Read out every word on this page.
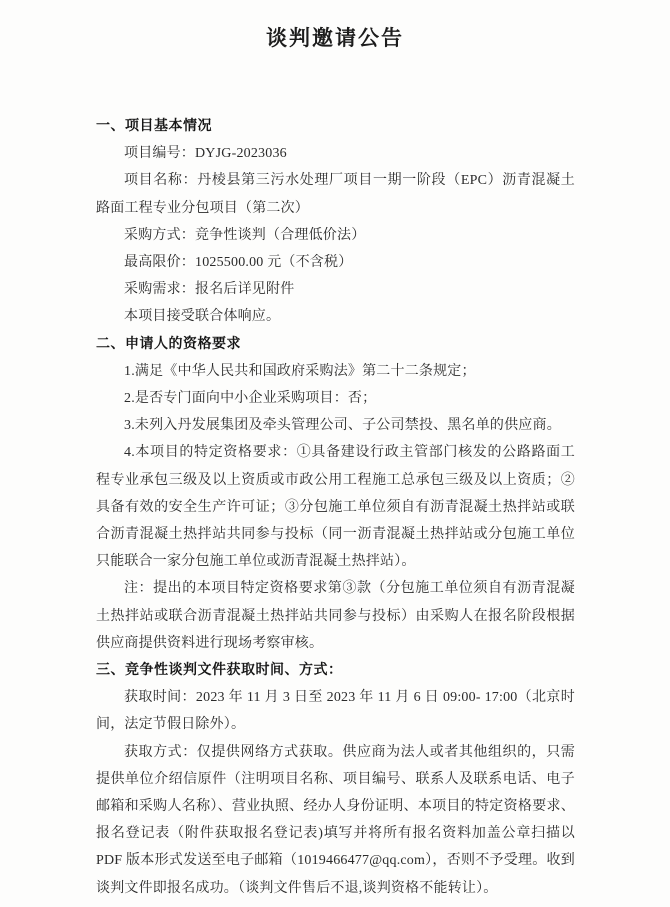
谈判邀请公告
一、项目基本情况

项目编号：DYJG-2023036

项目名称：丹棱县第三污水处理厂项目一期一阶段（EPC）沥青混凝土路面工程专业分包项目（第二次）

采购方式：竞争性谈判（合理低价法）

最高限价：1025500.00 元（不含税）

采购需求：报名后详见附件

本项目接受联合体响应。

二、申请人的资格要求

1.满足《中华人民共和国政府采购法》第二十二条规定；

2.是否专门面向中小企业采购项目：否；

3.未列入丹发展集团及牵头管理公司、子公司禁投、黑名单的供应商。

4.本项目的特定资格要求：①具备建设行政主管部门核发的公路路面工程专业承包三级及以上资质或市政公用工程施工总承包三级及以上资质；②具备有效的安全生产许可证；③分包施工单位须自有沥青混凝土热拌站或联合沥青混凝土热拌站共同参与投标（同一沥青混凝土热拌站或分包施工单位只能联合一家分包施工单位或沥青混凝土热拌站）。

注：提出的本项目特定资格要求第③款（分包施工单位须自有沥青混凝土热拌站或联合沥青混凝土热拌站共同参与投标）由采购人在报名阶段根据供应商提供资料进行现场考察审核。

三、竞争性谈判文件获取时间、方式：

获取时间：2023 年 11 月 3 日至 2023 年 11 月 6 日 09:00- 17:00（北京时间，法定节假日除外）。

获取方式：仅提供网络方式获取。供应商为法人或者其他组织的，只需提供单位介绍信原件（注明项目名称、项目编号、联系人及联系电话、电子邮箱和采购人名称）、营业执照、经办人身份证明、本项目的特定资格要求、报名登记表（附件获取报名登记表)填写并将所有报名资料加盖公章扫描以 PDF 版本形式发送至电子邮箱（1019466477@qq.com），否则不予受理。收到谈判文件即报名成功。（谈判文件售后不退,谈判资格不能转让）。
